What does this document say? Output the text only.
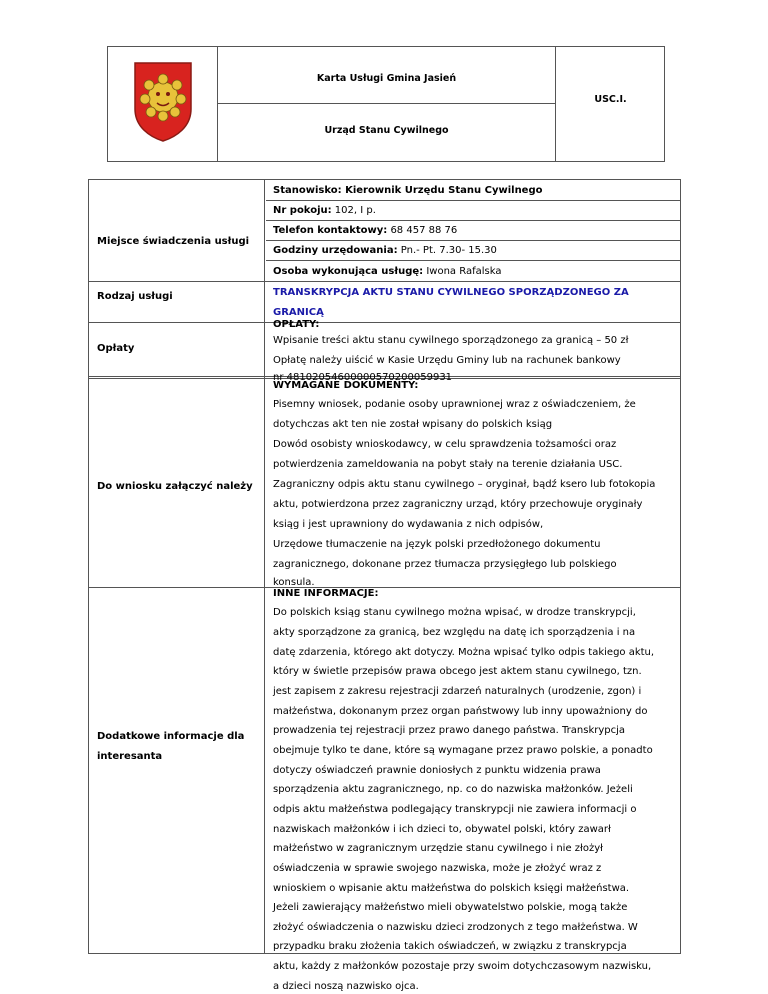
Karta Usługi Gmina Jasień
Urząd Stanu Cywilnego
USC.I.
Miejsce świadczenia usługi
Stanowisko: Kierownik Urzędu Stanu Cywilnego
Nr pokoju: 102, I p.
Telefon kontaktowy: 68 457 88 76
Godziny urzędowania: Pn.- Pt. 7.30- 15.30
Osoba wykonująca usługę: Iwona Rafalska
Rodzaj usługi	TRANSKRYPCJA AKTU STANU CYWILNEGO SPORZĄDZONEGO ZA
GRANICĄ
Opłaty
OPŁATY:
Wpisanie treści aktu stanu cywilnego sporządzonego za granicą – 50 zł
Opłatę należy uiścić w Kasie Urzędu Gminy lub na rachunek bankowy
nr 48102054600000570200059931
Do wniosku załączyć należy
WYMAGANE DOKUMENTY:
Pisemny wniosek, podanie osoby uprawnionej wraz z oświadczeniem, że
dotychczas akt ten nie został wpisany do polskich ksiąg
Dowód osobisty wnioskodawcy, w celu sprawdzenia tożsamości oraz
potwierdzenia zameldowania na pobyt stały na terenie działania USC.
Zagraniczny odpis aktu stanu cywilnego – oryginał, bądź ksero lub fotokopia
aktu, potwierdzona przez zagraniczny urząd, który przechowuje oryginały
ksiąg i jest uprawniony do wydawania z nich odpisów,
Urzędowe tłumaczenie na język polski przedłożonego dokumentu
zagranicznego, dokonane przez tłumacza przysięgłego lub polskiego
konsula.
Dodatkowe informacje dla
interesanta
INNE INFORMACJE:
Do polskich ksiąg stanu cywilnego można wpisać, w drodze transkrypcji,
akty sporządzone za granicą, bez względu na datę ich sporządzenia i na
datę zdarzenia, którego akt dotyczy. Można wpisać tylko odpis takiego aktu,
który w świetle przepisów prawa obcego jest aktem stanu cywilnego, tzn.
jest zapisem z zakresu rejestracji zdarzeń naturalnych (urodzenie, zgon) i
małżeństwa, dokonanym przez organ państwowy lub inny upoważniony do
prowadzenia tej rejestracji przez prawo danego państwa. Transkrypcja
obejmuje tylko te dane, które są wymagane przez prawo polskie, a ponadto
dotyczy oświadczeń prawnie doniosłych z punktu widzenia prawa
sporządzenia aktu zagranicznego, np. co do nazwiska małżonków. Jeżeli
odpis aktu małżeństwa podlegający transkrypcji nie zawiera informacji o
nazwiskach małżonków i ich dzieci to, obywatel polski, który zawarł
małżeństwo w zagranicznym urzędzie stanu cywilnego i nie złożył
oświadczenia w sprawie swojego nazwiska, może je złożyć wraz z
wnioskiem o wpisanie aktu małżeństwa do polskich księgi małżeństwa.
Jeżeli zawierający małżeństwo mieli obywatelstwo polskie, mogą także
złożyć oświadczenia o nazwisku dzieci zrodzonych z tego małżeństwa. W
przypadku braku złożenia takich oświadczeń, w związku z transkrypcja
aktu, każdy z małżonków pozostaje przy swoim dotychczasowym nazwisku,
a dzieci noszą nazwisko ojca.
